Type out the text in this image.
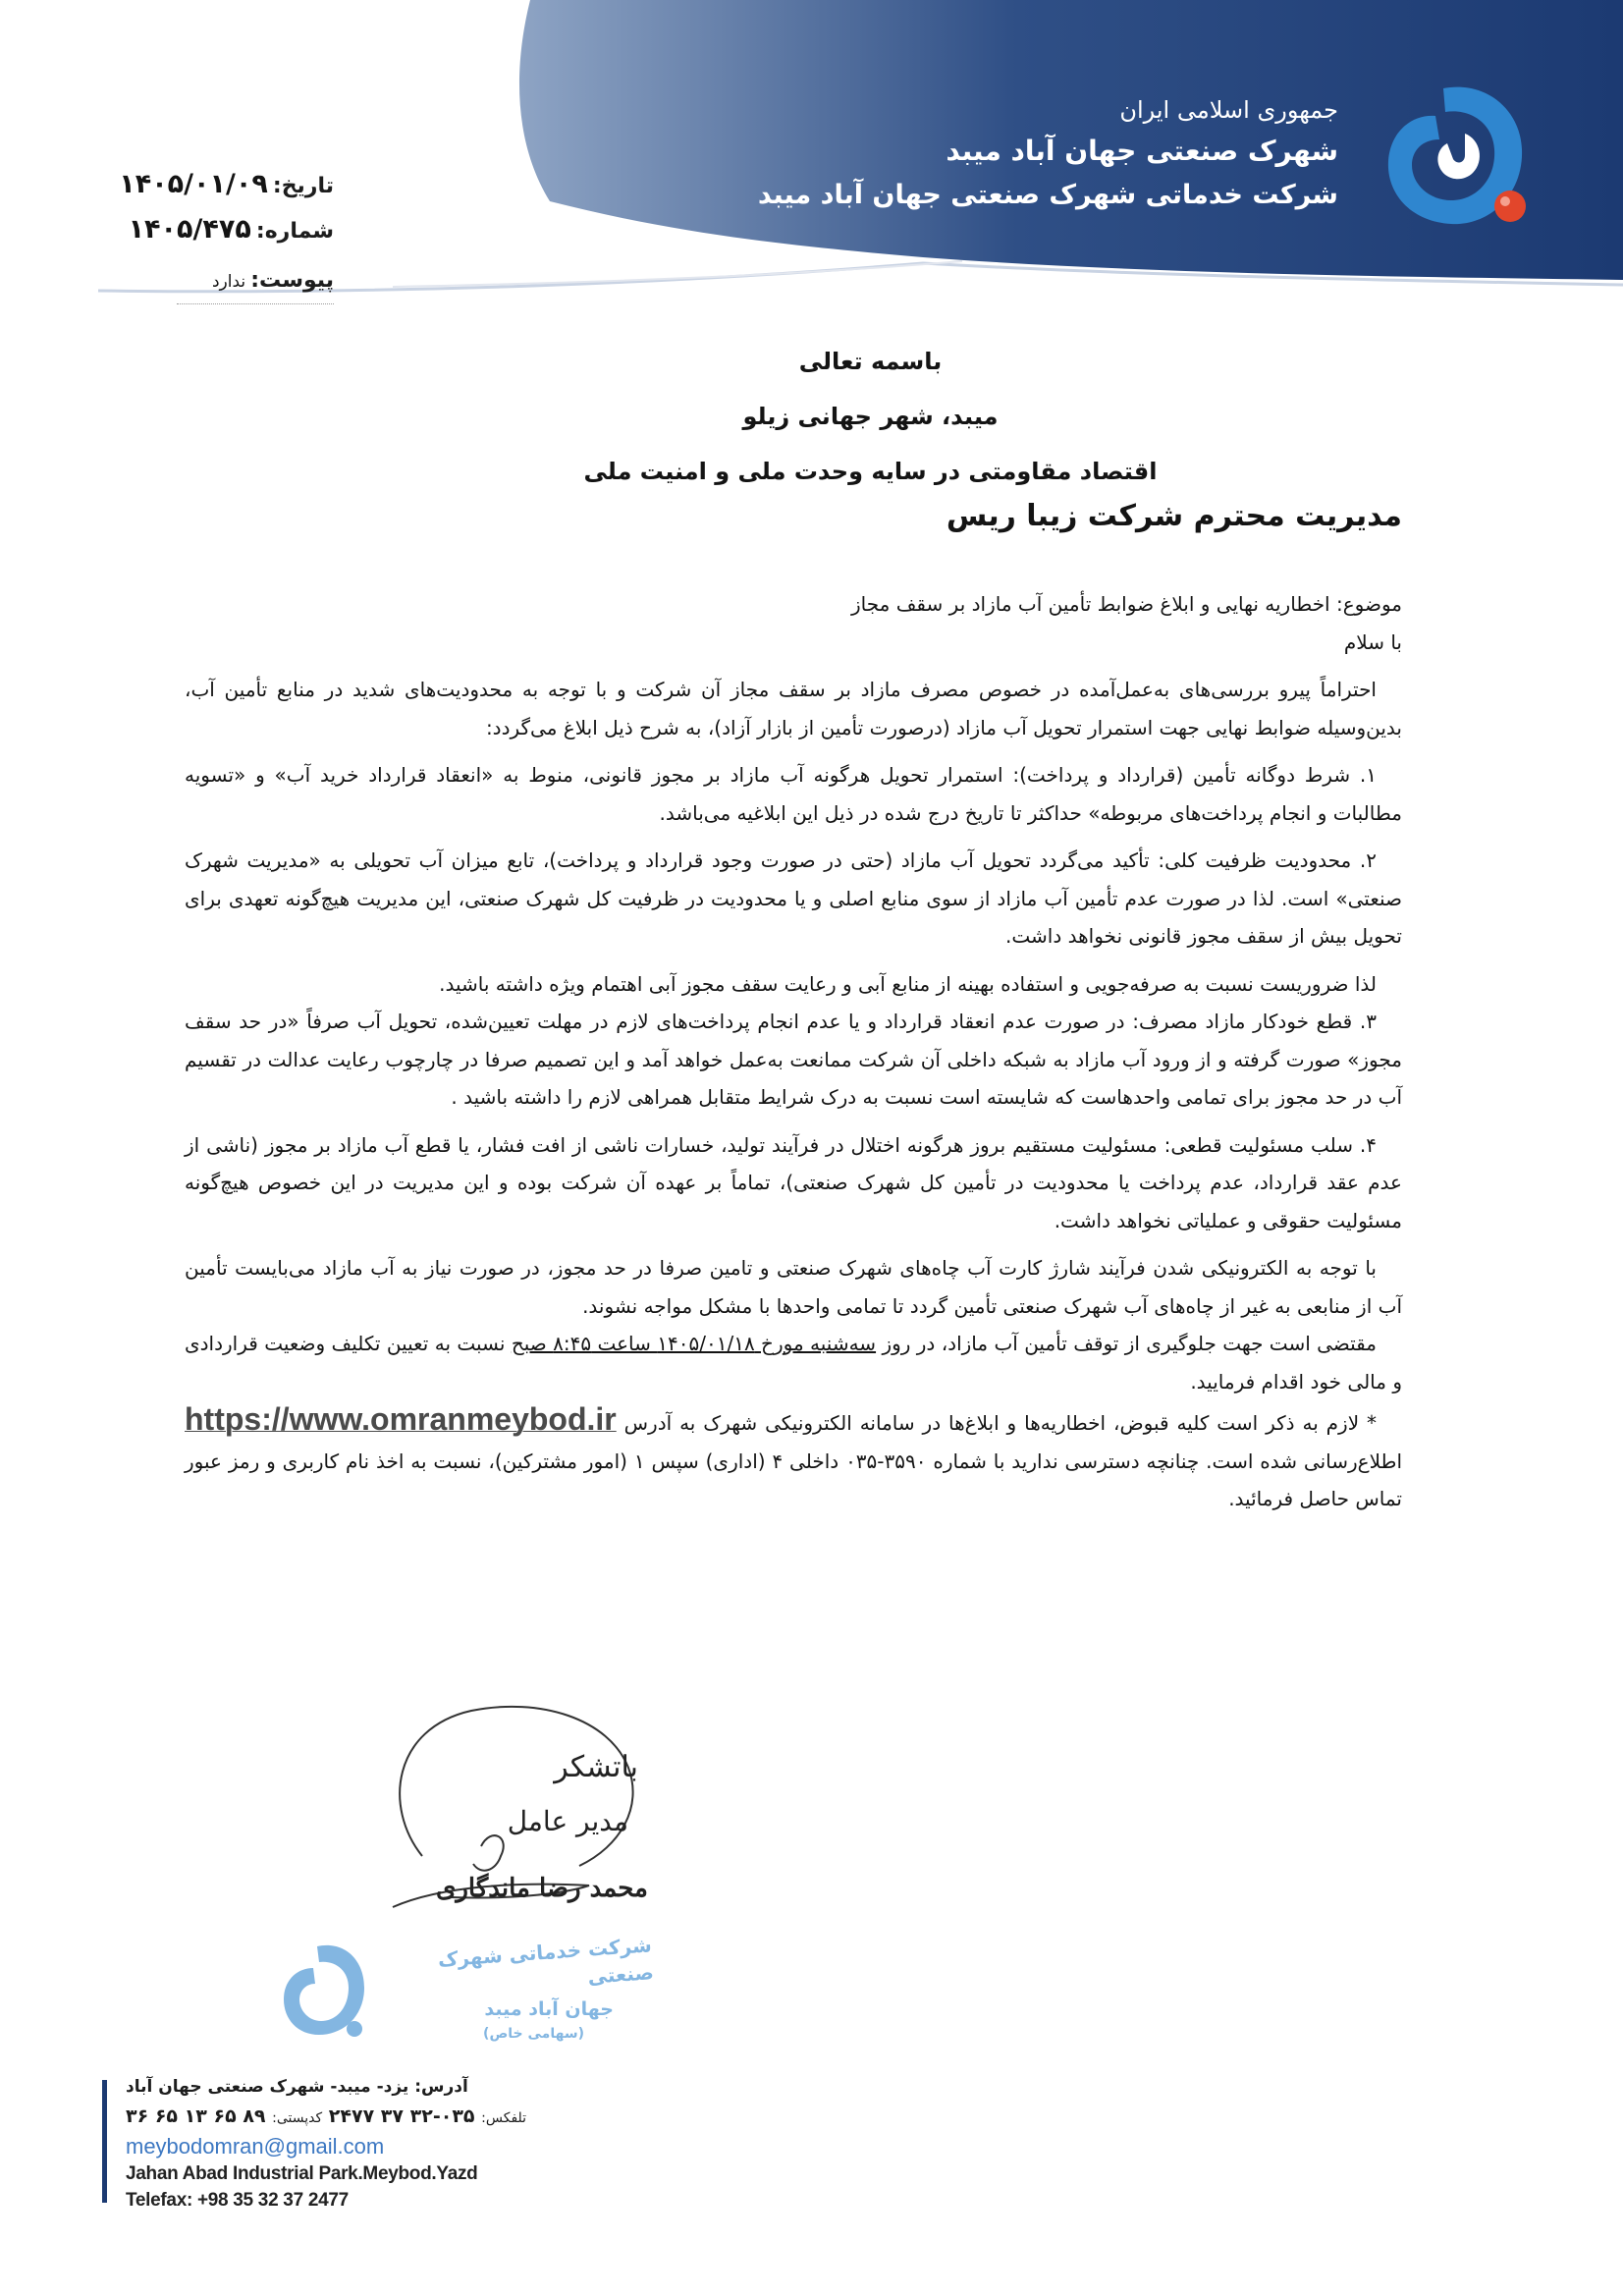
جمهوری اسلامی ایران
شهرک صنعتی جهان آباد میبد
شرکت خدماتی شهرک صنعتی جهان آباد میبد
تاریخ: ۱۴۰۵/۰۱/۰۹
شماره: ۱۴۰۵/۴۷۵
پیوست: ندارد
باسمه تعالی
میبد، شهر جهانی زیلو
اقتصاد مقاومتی در سایه وحدت ملی و امنیت ملی
مدیریت محترم شرکت زیبا ریس

موضوع: اخطاریه نهایی و ابلاغ ضوابط تأمین آب مازاد بر سقف مجاز

با سلام

احتراماً پیرو بررسی‌های به‌عمل‌آمده در خصوص مصرف مازاد بر سقف مجاز آن شرکت و با توجه به محدودیت‌های شدید در منابع تأمین آب، بدین‌وسیله ضوابط نهایی جهت استمرار تحویل آب مازاد (درصورت تأمین از بازار آزاد)، به شرح ذیل ابلاغ می‌گردد:

۱. شرط دوگانه تأمین (قرارداد و پرداخت): استمرار تحویل هرگونه آب مازاد بر مجوز قانونی، منوط به «انعقاد قرارداد خرید آب» و «تسویه مطالبات و انجام پرداخت‌های مربوطه» حداکثر تا تاریخ درج شده در ذیل این ابلاغیه می‌باشد.

۲. محدودیت ظرفیت کلی: تأکید می‌گردد تحویل آب مازاد (حتی در صورت وجود قرارداد و پرداخت)، تابع میزان آب تحویلی به «مدیریت شهرک صنعتی» است. لذا در صورت عدم تأمین آب مازاد از سوی منابع اصلی و یا محدودیت در ظرفیت کل شهرک صنعتی، این مدیریت هیچ‌گونه تعهدی برای تحویل بیش از سقف مجوز قانونی نخواهد داشت.

لذا ضروریست نسبت به صرفه‌جویی و استفاده بهینه از منابع آبی و رعایت سقف مجوز آبی اهتمام ویژه داشته باشید.

۳. قطع خودکار مازاد مصرف: در صورت عدم انعقاد قرارداد و یا عدم انجام پرداخت‌های لازم در مهلت تعیین‌شده، تحویل آب صرفاً «در حد سقف مجوز» صورت گرفته و از ورود آب مازاد به شبکه داخلی آن شرکت ممانعت به‌عمل خواهد آمد و این تصمیم صرفا در چارچوب رعایت عدالت در تقسیم آب در حد مجوز برای تمامی واحدهاست که شایسته است نسبت به درک شرایط متقابل همراهی لازم را داشته باشید .

۴. سلب مسئولیت قطعی: مسئولیت مستقیم بروز هرگونه اختلال در فرآیند تولید، خسارات ناشی از افت فشار، یا قطع آب مازاد بر مجوز (ناشی از عدم عقد قرارداد، عدم پرداخت یا محدودیت در تأمین کل شهرک صنعتی)، تماماً بر عهده آن شرکت بوده و این مدیریت در این خصوص هیچ‌گونه مسئولیت حقوقی و عملیاتی نخواهد داشت.

با توجه به الکترونیکی شدن فرآیند شارژ کارت آب چاه‌های شهرک صنعتی و تامین صرفا در حد مجوز، در صورت نیاز به آب مازاد می‌بایست تأمین آب از منابعی به غیر از چاه‌های آب شهرک صنعتی تأمین گردد تا تمامی واحدها با مشکل مواجه نشوند.

مقتضی است جهت جلوگیری از توقف تأمین آب مازاد، در روز سه‌شنبه مورخ ۱۴۰۵/۰۱/۱۸ ساعت ۸:۴۵ صبح نسبت به تعیین تکلیف وضعیت قراردادی و مالی خود اقدام فرمایید.

* لازم به ذکر است کلیه قبوض، اخطاریه‌ها و ابلاغ‌ها در سامانه الکترونیکی شهرک به آدرس https://www.omranmeybod.ir اطلاع‌رسانی شده است. چنانچه دسترسی ندارید با شماره ۳۵۹۰-۰۳۵ داخلی ۴ (اداری) سپس ۱ (امور مشترکین)، نسبت به اخذ نام کاربری و رمز عبور تماس حاصل فرمائید.

باتشکر
مدیر عامل
محمد رضا ماندگاری
شرکت خدماتی شهرک صنعتی
جهان آباد میبد
(سهامی خاص)
آدرس: یزد- میبد- شهرک صنعتی جهان آباد
تلفکس: ۰۳۵-۳۲ ۳۷ ۲۴۷۷ کدپستی: ۸۹ ۶۵ ۱۳ ۶۵ ۳۶
meybodomran@gmail.com
Jahan Abad Industrial Park.Meybod.Yazd
Telefax: +98 35 32 37 2477
